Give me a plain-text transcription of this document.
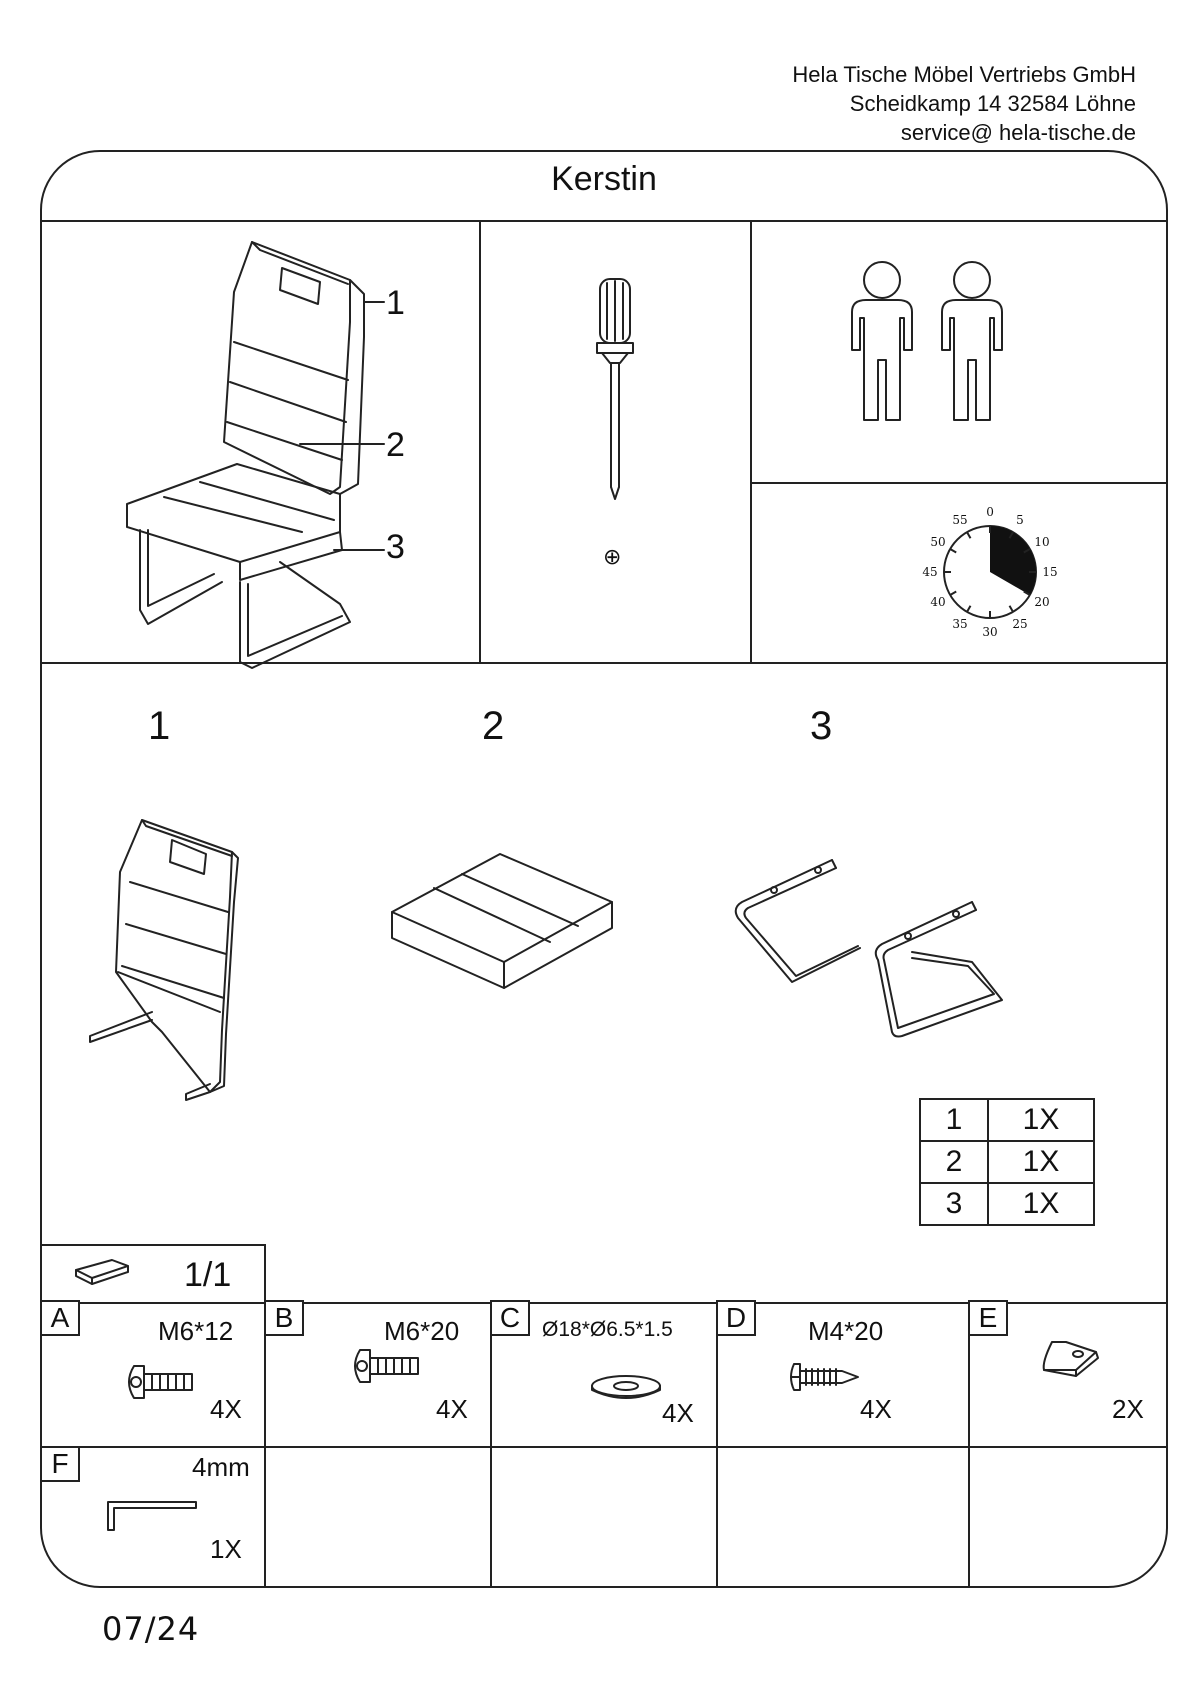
Hela Tische Möbel Vertriebs GmbH
Scheidkamp 14 32584 Löhne
service@ hela-tische.de
Kerstin
1
2
3	⊕
0
5
10
15
20
25
30
35
40
45
50
55
1	2	3
1	1X
2	1X
3	1X
1/1
A	M6*12
4X
B	M6*20
4X
C	Ø18*Ø6.5*1.5
4X
D	M4*20
4X
E
2X
F	4mm
1X
07/24
